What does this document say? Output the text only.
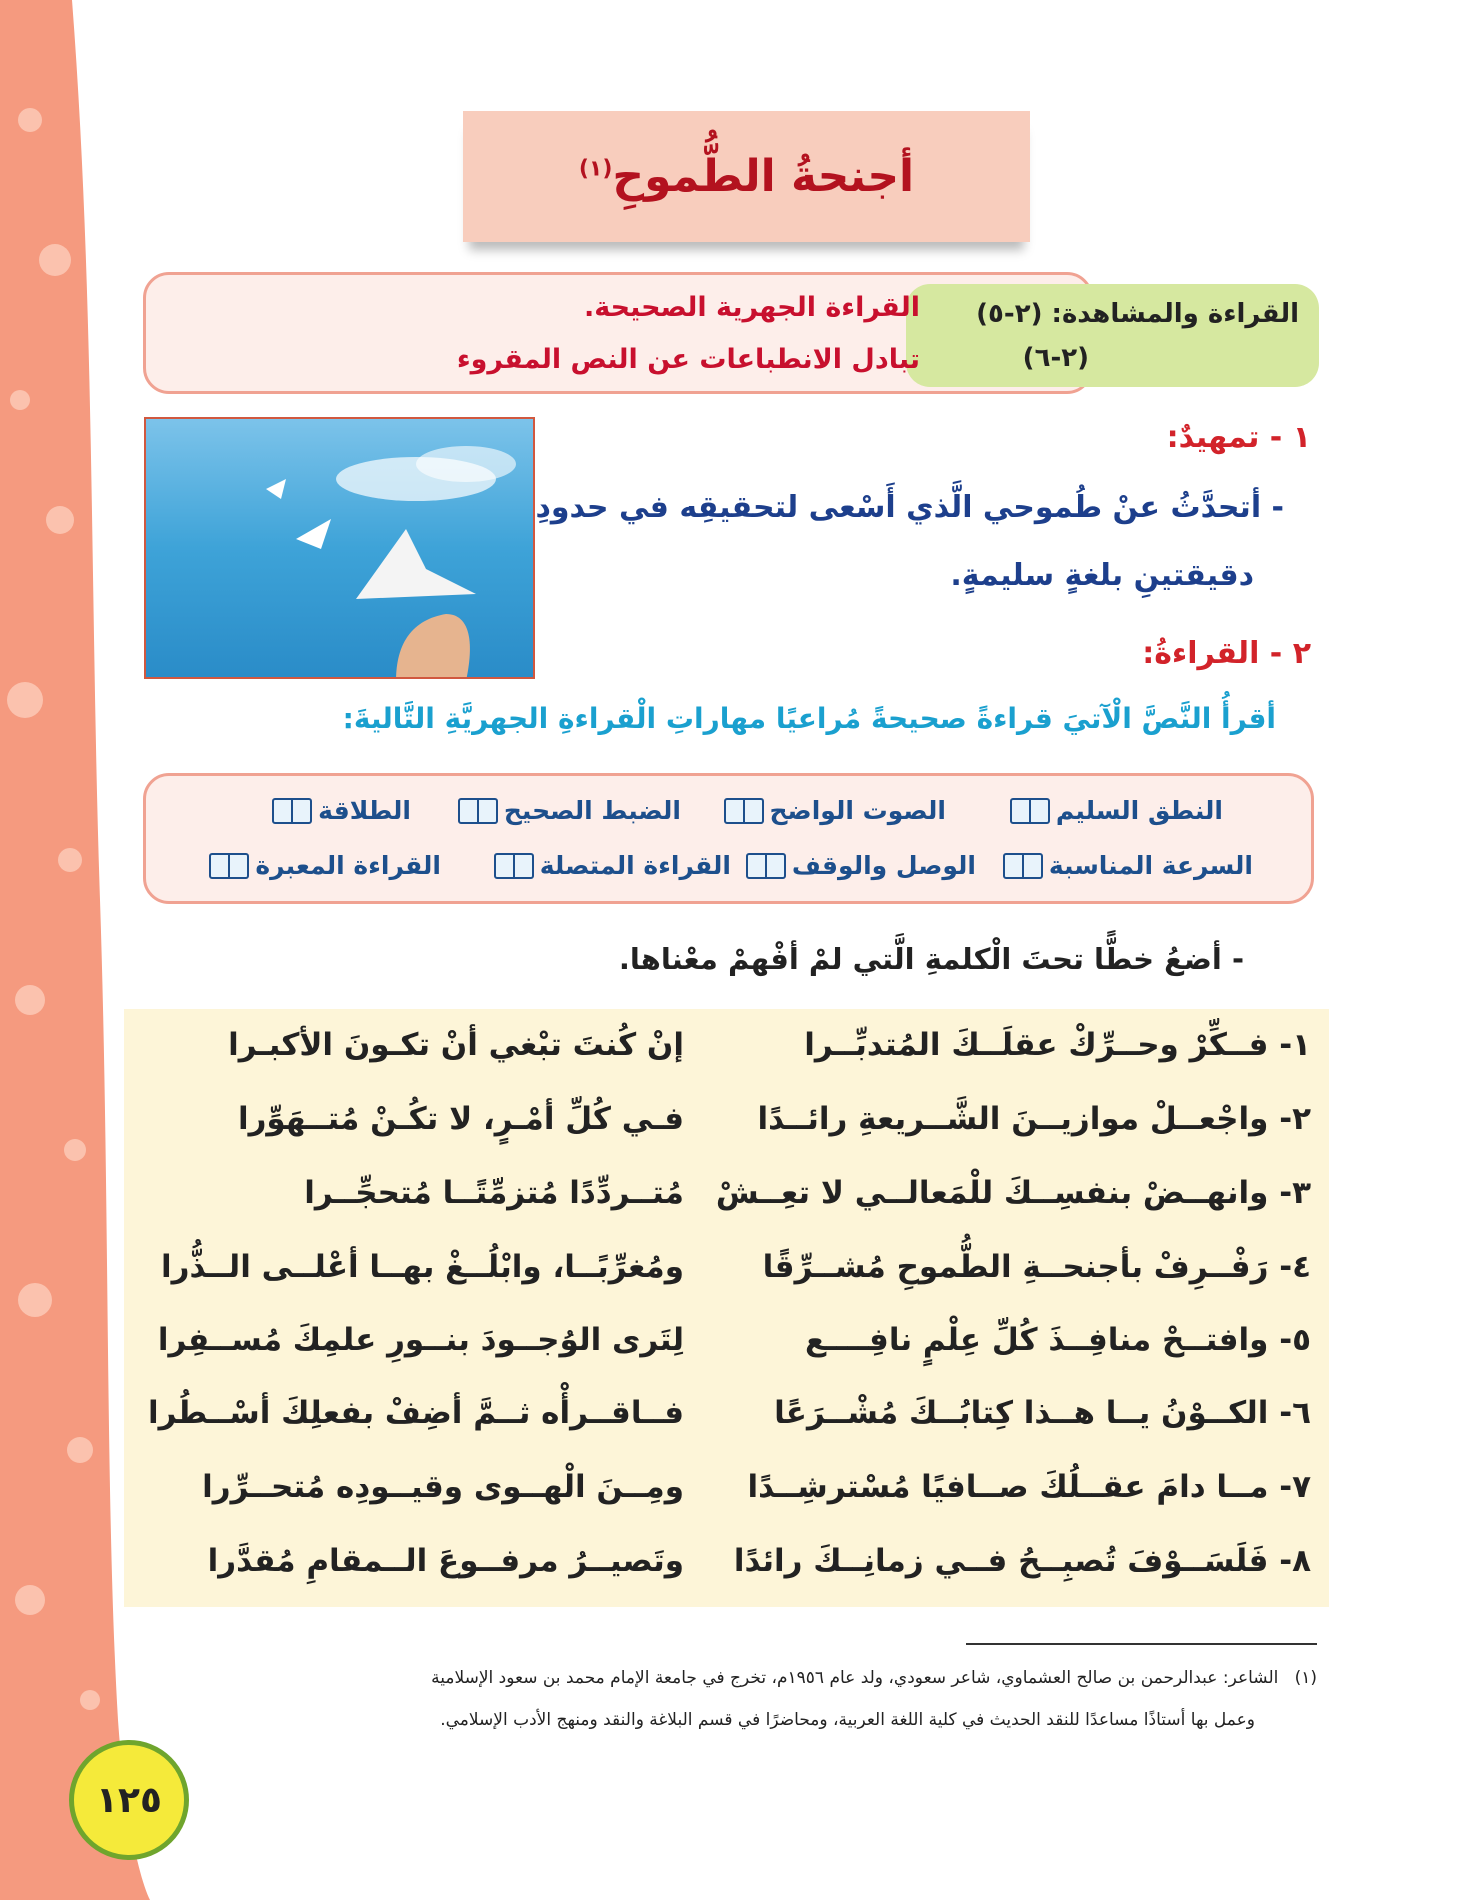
أجنحةُ الطُّموحِ$^{(١)}$
القراءة والمشاهدة: (٢-٥)
(٢-٦)
القراءة الجهرية الصحيحة.
تبادل الانطباعات عن النص المقروء
١ - تمهيدٌ:
- أتحدَّثُ عنْ طُموحي الَّذي أَسْعى لتحقيقِه في حدودِ
دقيقتينِ بلغةٍ سليمةٍ.
٢ - القراءةُ:
أقرأُ النَّصَّ الْآتيَ قراءةً صحيحةً مُراعيًا مهاراتِ الْقراءةِ الجهريَّةِ التَّاليةَ:
النطق السليم
الصوت الواضح
الضبط الصحيح
الطلاقة
السرعة المناسبة
الوصل والوقف
القراءة المتصلة
القراءة المعبرة
- أضعُ خطًّا تحتَ الْكلمةِ الَّتي لمْ أفْهمْ معْناها.
١- فــكِّرْ وحــرِّكْ عقلَــكَ المُتدبِّــرا
إنْ كُنتَ تبْغي أنْ تكـونَ الأكبـرا
٢- واجْعــلْ موازيــنَ الشَّــريعةِ رائــدًا
فـي كُلِّ أمْـرٍ، لا تكُـنْ مُتــهَوِّرا
٣- وانهــضْ بنفسِــكَ للْمَعالــي لا تعِــشْ
مُتــردِّدًا مُتزمِّتًــا مُتحجِّــرا
٤- رَفْــرِفْ بأجنحــةِ الطُّموحِ مُشــرِّقًا
ومُغرِّبًــا، وابْلُــغْ بهــا أعْلــى الــذُّرا
٥- وافتــحْ منافِــذَ كُلِّ عِلْمٍ نافِــــع
لِتَرى الوُجــودَ بنــورِ علمِكَ مُســفِرا
٦- الكــوْنُ يــا هــذا كِتابُــكَ مُشْــرَعًا
فــاقــرأْه ثــمَّ أضِفْ بفعلِكَ أسْــطُرا
٧- مــا دامَ عقــلُكَ صــافيًا مُسْترشِــدًا
ومِــنَ الْهــوى وقيــودِه مُتحــرِّرا
٨- فَلَسَــوْفَ تُصبِــحُ فــي زمانِــكَ رائدًا
وتَصيــرُ مرفــوعَ الــمقامِ مُقدَّرا
(١)   الشاعر: عبدالرحمن بن صالح العشماوي، شاعر سعودي، ولد عام ١٩٥٦م، تخرج في جامعة الإمام محمد بن سعود الإسلامية
وعمل بها أستاذًا مساعدًا للنقد الحديث في كلية اللغة العربية، ومحاضرًا في قسم البلاغة والنقد ومنهج الأدب الإسلامي.
١٢٥
